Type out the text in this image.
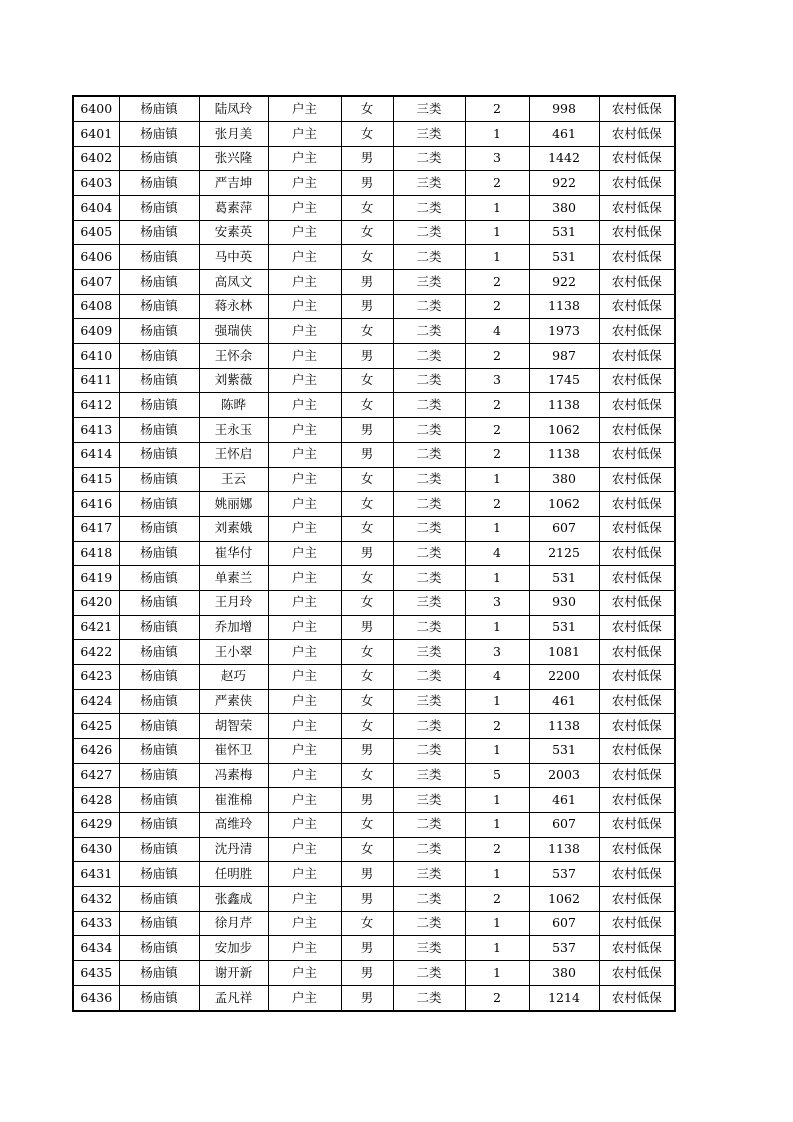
6400	杨庙镇	陆凤玲	户主	女	三类	2	998	农村低保
6401	杨庙镇	张月美	户主	女	三类	1	461	农村低保
6402	杨庙镇	张兴隆	户主	男	二类	3	1442	农村低保
6403	杨庙镇	严吉坤	户主	男	三类	2	922	农村低保
6404	杨庙镇	葛素萍	户主	女	二类	1	380	农村低保
6405	杨庙镇	安素英	户主	女	二类	1	531	农村低保
6406	杨庙镇	马中英	户主	女	二类	1	531	农村低保
6407	杨庙镇	高凤文	户主	男	三类	2	922	农村低保
6408	杨庙镇	蒋永林	户主	男	二类	2	1138	农村低保
6409	杨庙镇	强瑞侠	户主	女	二类	4	1973	农村低保
6410	杨庙镇	王怀余	户主	男	二类	2	987	农村低保
6411	杨庙镇	刘紫薇	户主	女	二类	3	1745	农村低保
6412	杨庙镇	陈晔	户主	女	二类	2	1138	农村低保
6413	杨庙镇	王永玉	户主	男	二类	2	1062	农村低保
6414	杨庙镇	王怀启	户主	男	二类	2	1138	农村低保
6415	杨庙镇	王云	户主	女	二类	1	380	农村低保
6416	杨庙镇	姚丽娜	户主	女	二类	2	1062	农村低保
6417	杨庙镇	刘素娥	户主	女	二类	1	607	农村低保
6418	杨庙镇	崔华付	户主	男	二类	4	2125	农村低保
6419	杨庙镇	单素兰	户主	女	二类	1	531	农村低保
6420	杨庙镇	王月玲	户主	女	三类	3	930	农村低保
6421	杨庙镇	乔加增	户主	男	二类	1	531	农村低保
6422	杨庙镇	王小翠	户主	女	三类	3	1081	农村低保
6423	杨庙镇	赵巧	户主	女	二类	4	2200	农村低保
6424	杨庙镇	严素侠	户主	女	三类	1	461	农村低保
6425	杨庙镇	胡智荣	户主	女	二类	2	1138	农村低保
6426	杨庙镇	崔怀卫	户主	男	二类	1	531	农村低保
6427	杨庙镇	冯素梅	户主	女	三类	5	2003	农村低保
6428	杨庙镇	崔淮棉	户主	男	三类	1	461	农村低保
6429	杨庙镇	高维玲	户主	女	二类	1	607	农村低保
6430	杨庙镇	沈丹清	户主	女	二类	2	1138	农村低保
6431	杨庙镇	任明胜	户主	男	三类	1	537	农村低保
6432	杨庙镇	张鑫成	户主	男	二类	2	1062	农村低保
6433	杨庙镇	徐月芹	户主	女	二类	1	607	农村低保
6434	杨庙镇	安加步	户主	男	三类	1	537	农村低保
6435	杨庙镇	谢开新	户主	男	二类	1	380	农村低保
6436	杨庙镇	孟凡祥	户主	男	二类	2	1214	农村低保
